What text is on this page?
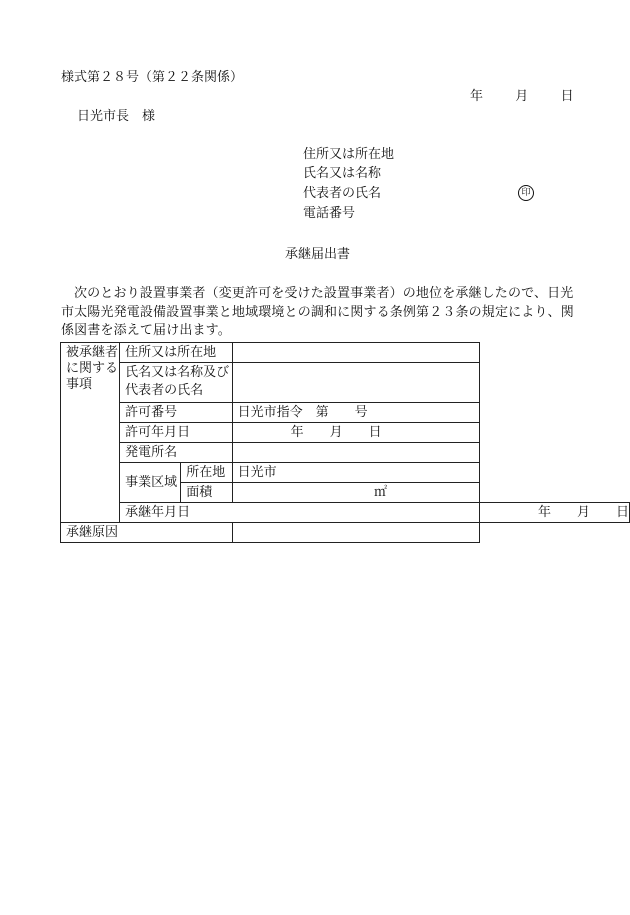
様式第２８号（第２２条関係）
年 月 日
日光市長　様
住所又は所在地
氏名又は名称
代表者の氏名	印
電話番号
承継届出書
次のとおり設置事業者（変更許可を受けた設置事業者）の地位を承継したので、日光市太陽光発電設備設置事業と地域環境との調和に関する条例第２３条の規定により、関係図書を添えて届け出ます。
被承継者に関する事項	住所又は所在地			
	氏名又は名称及び代表者の氏名			
	許可番号		日光市指令　第　　号	
	許可年月日		年　　月　　日	
	発電所名			
	事業区域	所在地	日光市	
		面積	㎡	
	承継年月日			年　　月　　日
承継原因				
